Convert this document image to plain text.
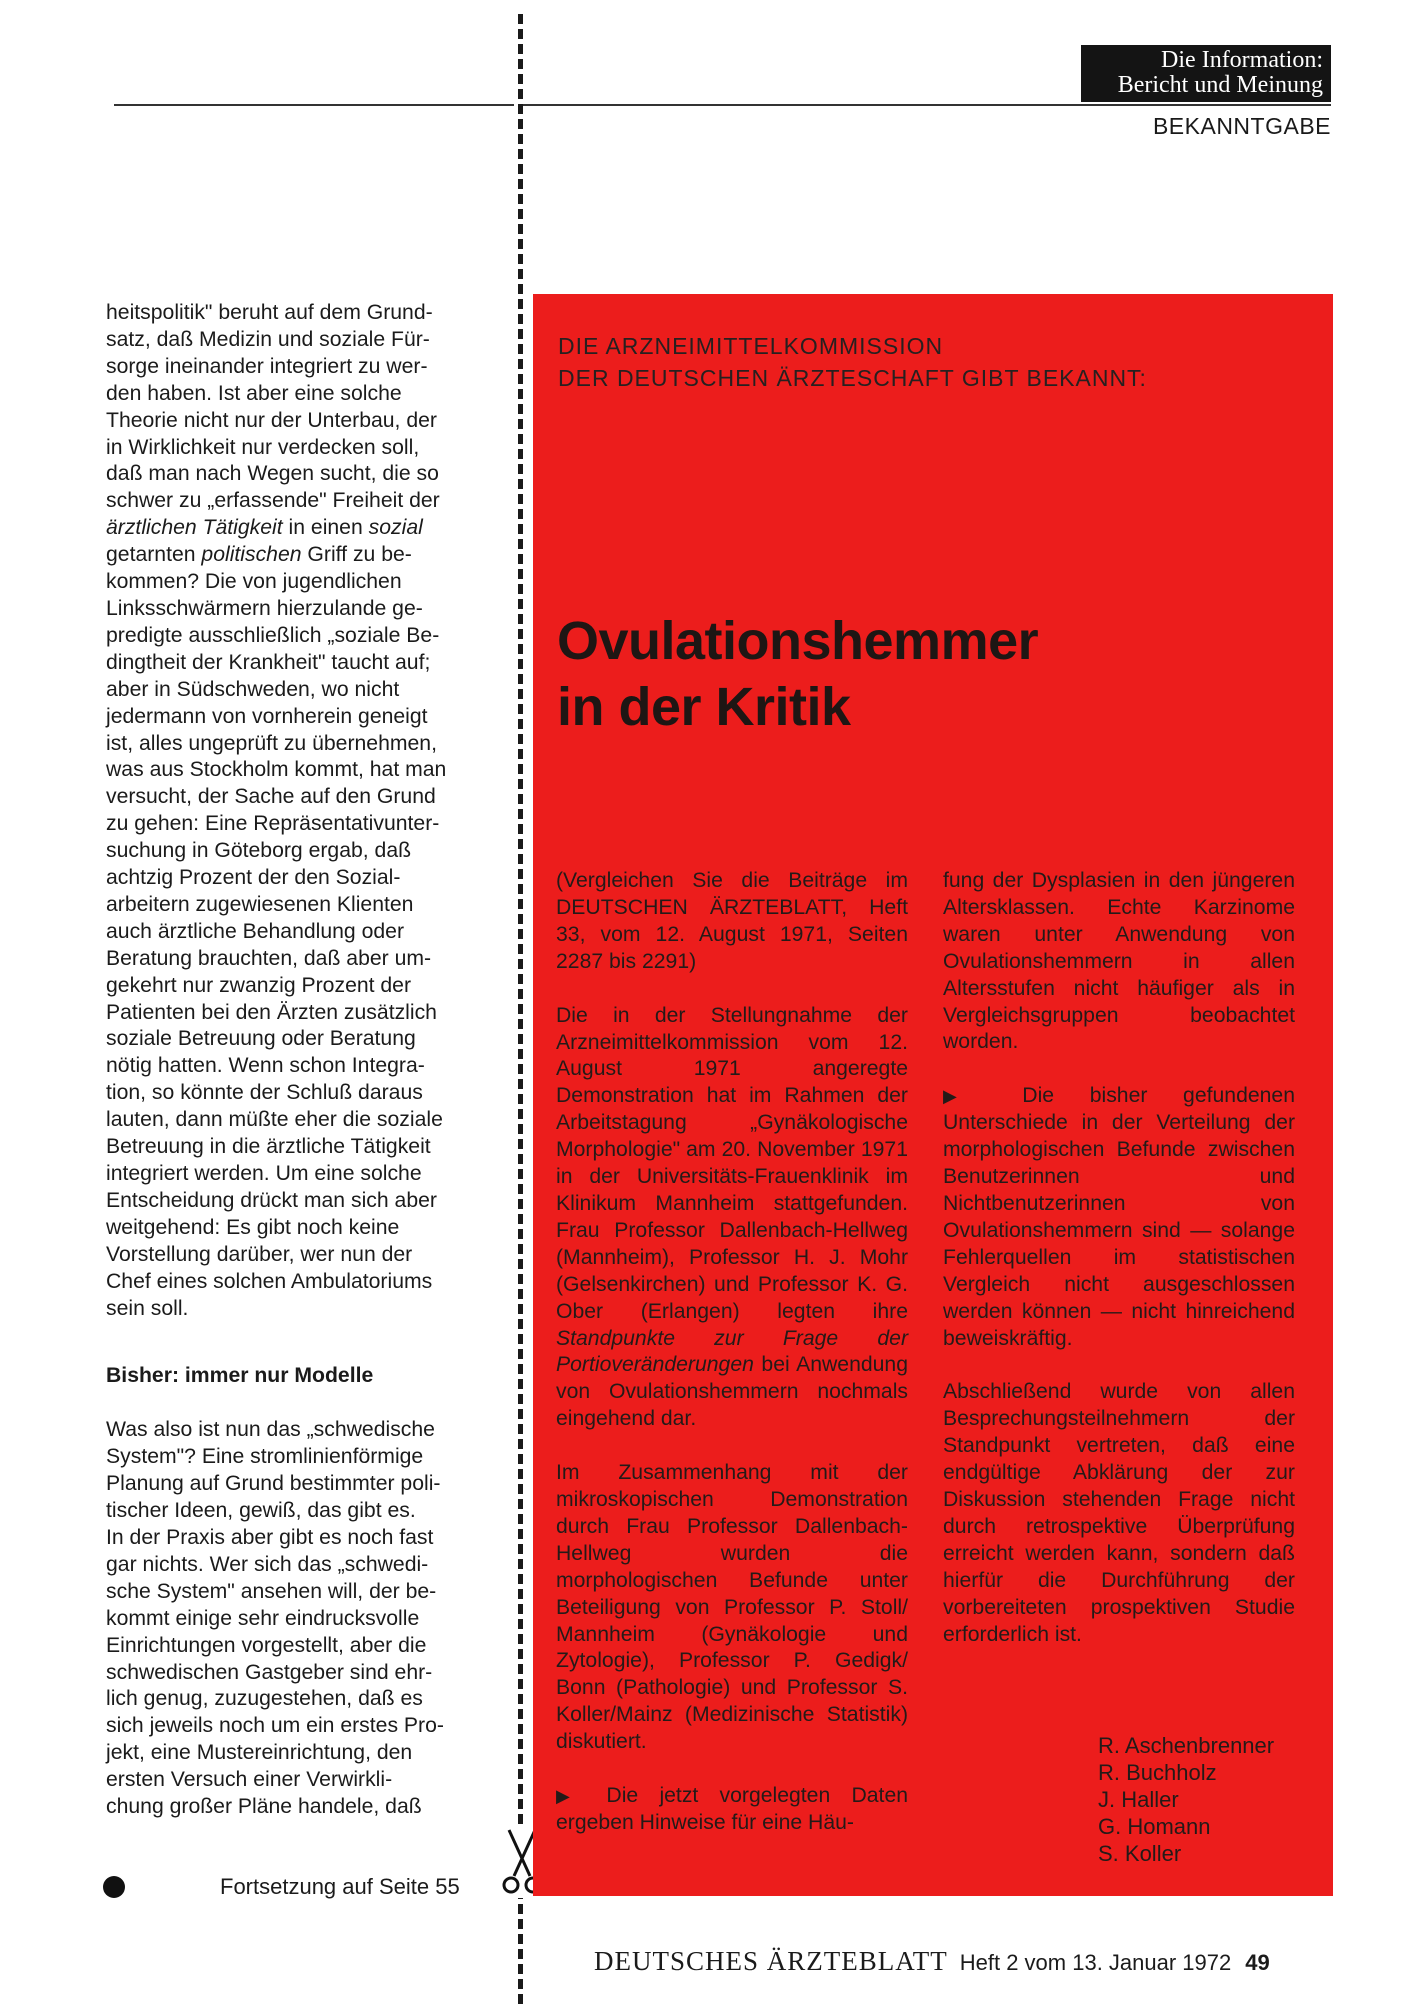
Die Information:
Bericht und Meinung
BEKANNTGABE

heitspolitik" beruht auf dem Grund-

satz, daß Medizin und soziale Für-

sorge ineinander integriert zu wer-

den haben. Ist aber eine solche

Theorie nicht nur der Unterbau, der

in Wirklichkeit nur verdecken soll,

daß man nach Wegen sucht, die so

schwer zu „erfassende" Freiheit der

ärztlichen Tätigkeit in einen sozial

getarnten politischen Griff zu be-

kommen? Die von jugendlichen

Linksschwärmern hierzulande ge-

predigte ausschließlich „soziale Be-

dingtheit der Krankheit" taucht auf;

aber in Südschweden, wo nicht

jedermann von vornherein geneigt

ist, alles ungeprüft zu übernehmen,

was aus Stockholm kommt, hat man

versucht, der Sache auf den Grund

zu gehen: Eine Repräsentativunter-

suchung in Göteborg ergab, daß

achtzig Prozent der den Sozial-

arbeitern zugewiesenen Klienten

auch ärztliche Behandlung oder

Beratung brauchten, daß aber um-

gekehrt nur zwanzig Prozent der

Patienten bei den Ärzten zusätzlich

soziale Betreuung oder Beratung

nötig hatten. Wenn schon Integra-

tion, so könnte der Schluß daraus

lauten, dann müßte eher die soziale

Betreuung in die ärztliche Tätigkeit

integriert werden. Um eine solche

Entscheidung drückt man sich aber

weitgehend: Es gibt noch keine

Vorstellung darüber, wer nun der

Chef eines solchen Ambulatoriums

sein soll.

Bisher: immer nur Modelle

Was also ist nun das „schwedische

System"? Eine stromlinienförmige

Planung auf Grund bestimmter poli-

tischer Ideen, gewiß, das gibt es.

In der Praxis aber gibt es noch fast

gar nichts. Wer sich das „schwedi-

sche System" ansehen will, der be-

kommt einige sehr eindrucksvolle

Einrichtungen vorgestellt, aber die

schwedischen Gastgeber sind ehr-

lich genug, zuzugestehen, daß es

sich jeweils noch um ein erstes Pro-

jekt, eine Mustereinrichtung, den

ersten Versuch einer Verwirkli-

chung großer Pläne handele, daß

Fortsetzung auf Seite 55
DIE ARZNEIMITTELKOMMISSION
DER DEUTSCHEN ÄRZTESCHAFT GIBT BEKANNT:
Ovulationshemmer
in der Kritik

(Vergleichen Sie die Beiträge im DEUTSCHEN ÄRZTEBLATT, Heft 33, vom 12. August 1971, Seiten 2287 bis 2291)

Die in der Stellungnahme der Arzneimittelkommission vom 12. August 1971 angeregte Demonstration hat im Rahmen der Arbeitstagung „Gynäkologische Morphologie" am 20. November 1971 in der Universitäts-Frauenklinik im Klinikum Mannheim stattgefunden. Frau Professor Dallenbach-Hellweg (Mannheim), Professor H. J. Mohr (Gelsenkirchen) und Professor K. G. Ober (Erlangen) legten ihre Standpunkte zur Frage der Portioveränderungen bei Anwendung von Ovulationshemmern nochmals eingehend dar.

Im Zusammenhang mit der mikroskopischen Demonstration durch Frau Professor Dallenbach-Hellweg wurden die morphologischen Befunde unter Beteiligung von Professor P. Stoll/ Mannheim (Gynäkologie und Zytologie), Professor P. Gedigk/ Bonn (Pathologie) und Professor S. Koller/Mainz (Medizinische Statistik) diskutiert.

▶ Die jetzt vorgelegten Daten ergeben Hinweise für eine Häu-

fung der Dysplasien in den jüngeren Altersklassen. Echte Karzinome waren unter Anwendung von Ovulationshemmern in allen Altersstufen nicht häufiger als in Vergleichsgruppen beobachtet worden.

▶ Die bisher gefundenen Unterschiede in der Verteilung der morphologischen Befunde zwischen Benutzerinnen und Nichtbenutzerinnen von Ovulationshemmern sind — solange Fehlerquellen im statistischen Vergleich nicht ausgeschlossen werden können — nicht hinreichend beweiskräftig.

Abschließend wurde von allen Besprechungsteilnehmern der Standpunkt vertreten, daß eine endgültige Abklärung der zur Diskussion stehenden Frage nicht durch retrospektive Überprüfung erreicht werden kann, sondern daß hierfür die Durchführung der vorbereiteten prospektiven Studie erforderlich ist.

R. Aschenbrenner
R. Buchholz
J. Haller
G. Homann
S. Koller
DEUTSCHES ÄRZTEBLATT Heft 2 vom 13. Januar 1972 49
